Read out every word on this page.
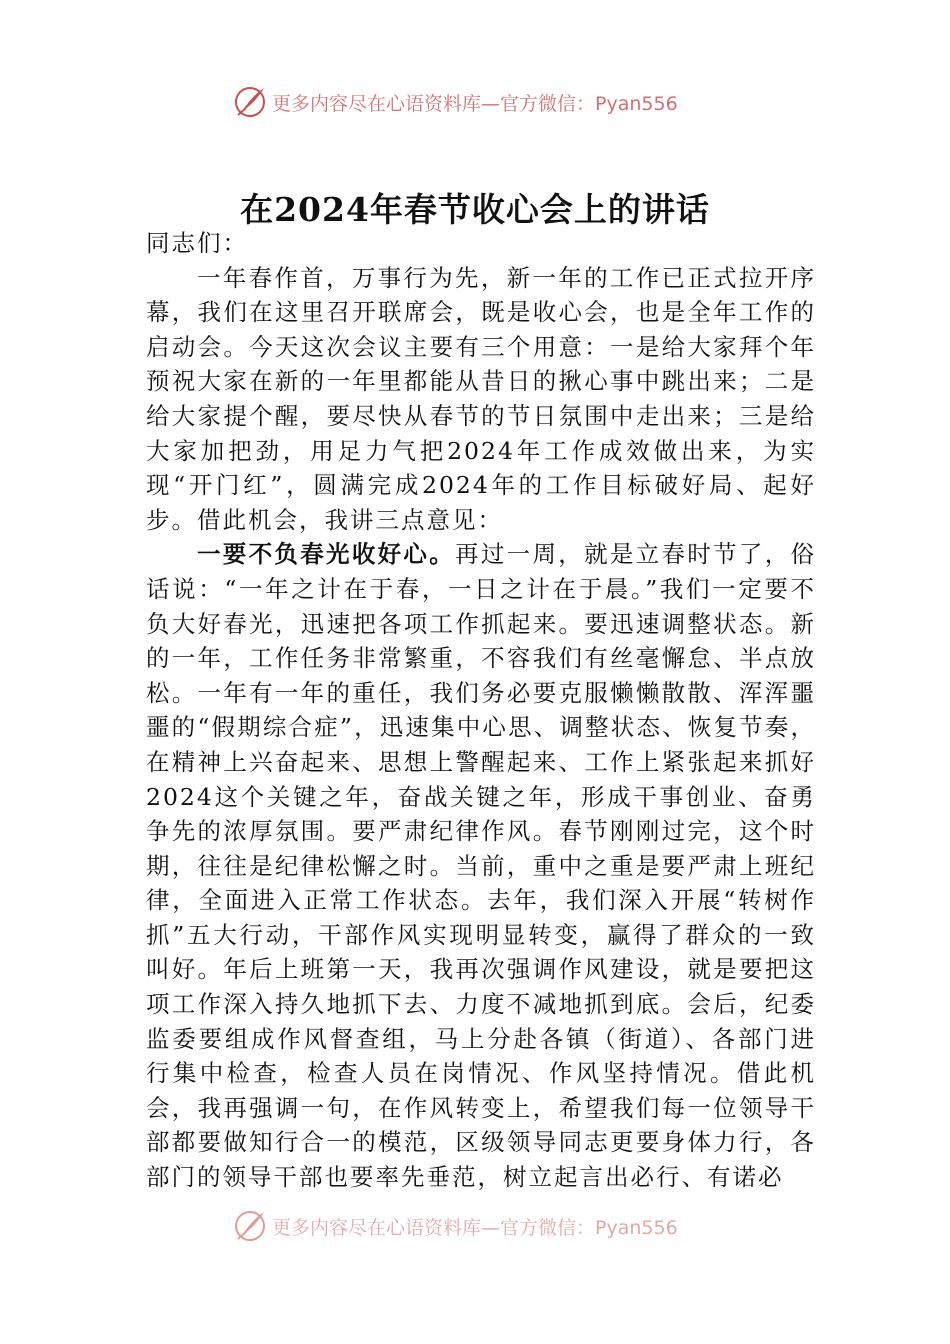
更多内容尽在心语资料库—官方微信：Pyan556
在2024年春节收心会上的讲话

同志们：

一年春作首，万事行为先，新一年的工作已正式拉开序幕，我们在这里召开联席会，既是收心会，也是全年工作的启动会。今天这次会议主要有三个用意：一是给大家拜个年预祝大家在新的一年里都能从昔日的揪心事中跳出来；二是给大家提个醒，要尽快从春节的节日氛围中走出来；三是给大家加把劲，用足力气把2024年工作成效做出来，为实现“开门红”，圆满完成2024年的工作目标破好局、起好步。借此机会，我讲三点意见：

一要不负春光收好心。再过一周，就是立春时节了，俗话说：“一年之计在于春，一日之计在于晨。”我们一定要不负大好春光，迅速把各项工作抓起来。要迅速调整状态。新的一年，工作任务非常繁重，不容我们有丝毫懈怠、半点放松。一年有一年的重任，我们务必要克服懒懒散散、浑浑噩噩的“假期综合症”，迅速集中心思、调整状态、恢复节奏，在精神上兴奋起来、思想上警醒起来、工作上紧张起来抓好2024这个关键之年，奋战关键之年，形成干事创业、奋勇争先的浓厚氛围。要严肃纪律作风。春节刚刚过完，这个时期，往往是纪律松懈之时。当前，重中之重是要严肃上班纪律，全面进入正常工作状态。去年，我们深入开展“转树作抓”五大行动，干部作风实现明显转变，赢得了群众的一致叫好。年后上班第一天，我再次强调作风建设，就是要把这项工作深入持久地抓下去、力度不减地抓到底。会后，纪委监委要组成作风督查组，马上分赴各镇（街道）、各部门进行集中检查，检查人员在岗情况、作风坚持情况。借此机会，我再强调一句，在作风转变上，希望我们每一位领导干部都要做知行合一的模范，区级领导同志更要身体力行，各部门的领导干部也要率先垂范，树立起言出必行、有诺必

更多内容尽在心语资料库—官方微信：Pyan556
